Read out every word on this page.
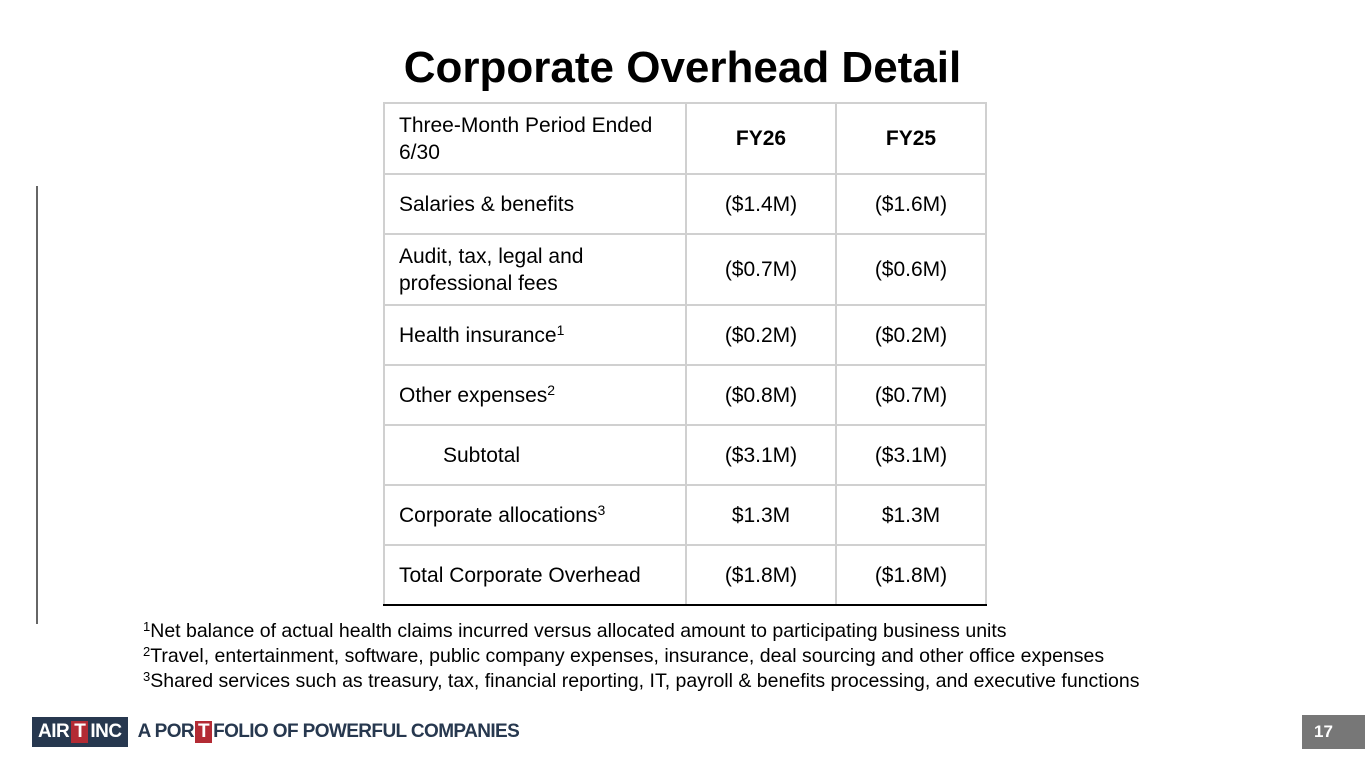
Corporate Overhead Detail
Three-Month Period Ended 6/30	FY26	FY25
Salaries & benefits	($1.4M)	($1.6M)
Audit, tax, legal and professional fees	($0.7M)	($0.6M)
Health insurance$^1$	($0.2M)	($0.2M)
Other expenses$^2$	($0.8M)	($0.7M)
Subtotal	($3.1M)	($3.1M)
Corporate allocations$^3$	$1.3M	$1.3M
Total Corporate Overhead	($1.8M)	($1.8M)
$^1$Net balance of actual health claims incurred versus allocated amount to participating business units
$^2$Travel, entertainment, software, public company expenses, insurance, deal sourcing and other office expenses
$^3$Shared services such as treasury, tax, financial reporting, IT, payroll & benefits processing, and executive functions
AIR T INC A POR T FOLIO OF POWERFUL COMPANIES	17
